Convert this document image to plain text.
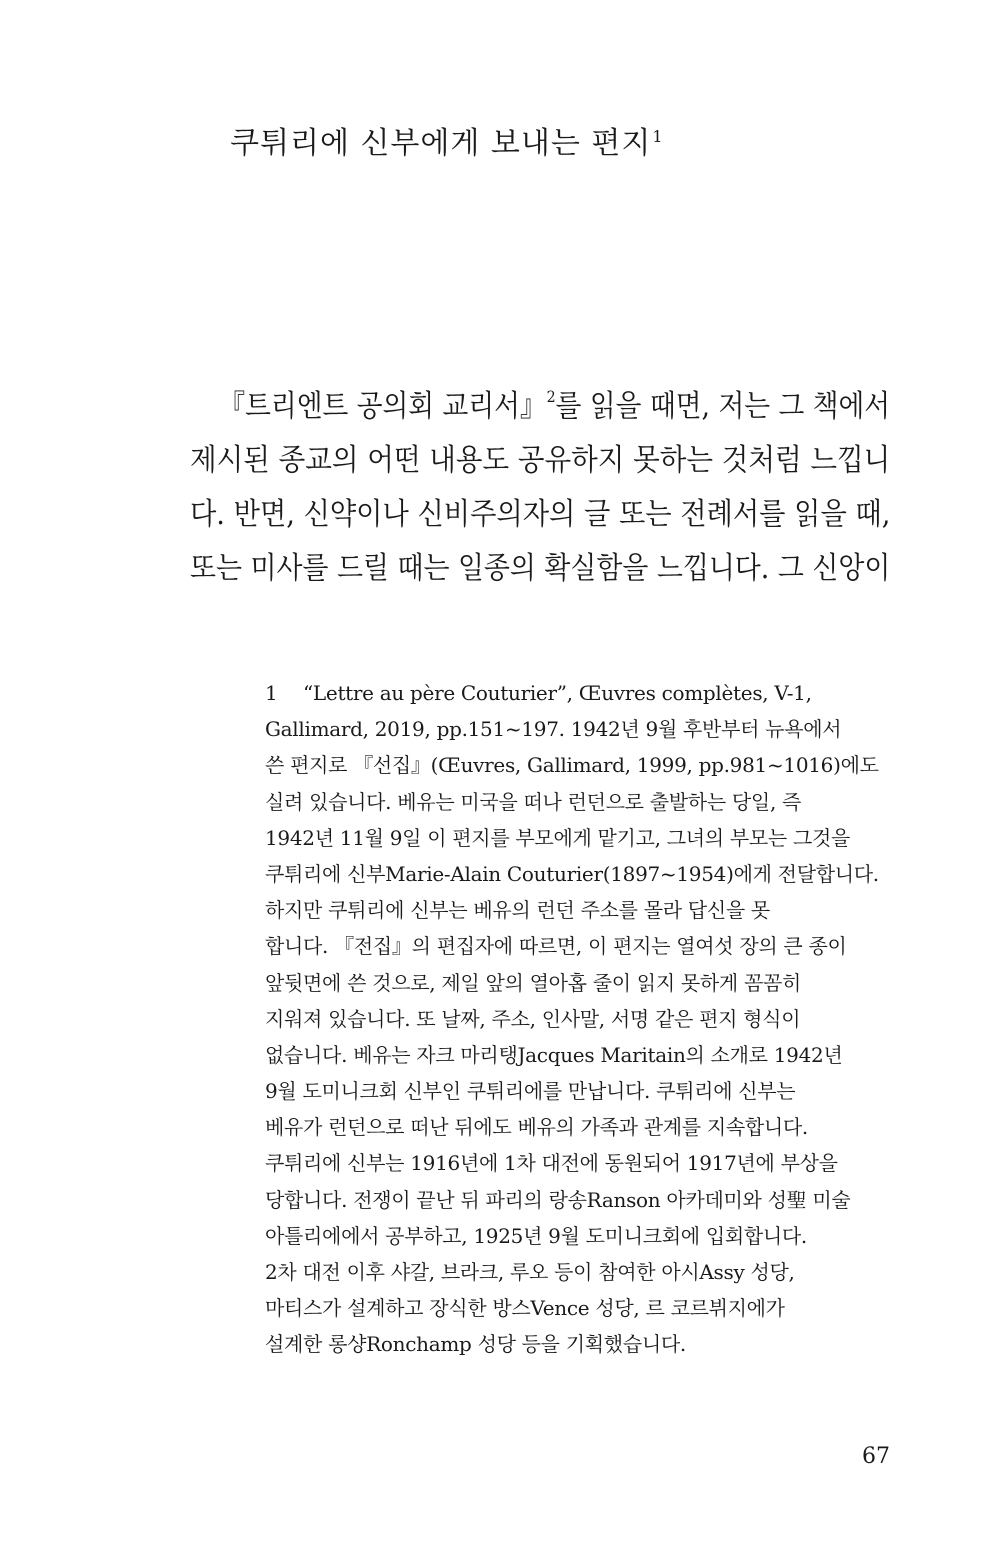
쿠튀리에 신부에게 보내는 편지$^1$
『트리엔트 공의회 교리서』$^2$를 읽을 때면, 저는 그 책에서
제시된 종교의 어떤 내용도 공유하지 못하는 것처럼 느낍니
다. 반면, 신약이나 신비주의자의 글 또는 전례서를 읽을 때,
또는 미사를 드릴 때는 일종의 확실함을 느낍니다. 그 신앙이
1 “Lettre au père Couturier”, Œuvres complètes, V-1,
Gallimard, 2019, pp.151~197. 1942년 9월 후반부터 뉴욕에서
쓴 편지로 『선집』(Œuvres, Gallimard, 1999, pp.981~1016)에도
실려 있습니다. 베유는 미국을 떠나 런던으로 출발하는 당일, 즉
1942년 11월 9일 이 편지를 부모에게 맡기고, 그녀의 부모는 그것을
쿠튀리에 신부Marie-Alain Couturier(1897~1954)에게 전달합니다.
하지만 쿠튀리에 신부는 베유의 런던 주소를 몰라 답신을 못
합니다. 『전집』의 편집자에 따르면, 이 편지는 열여섯 장의 큰 종이
앞뒷면에 쓴 것으로, 제일 앞의 열아홉 줄이 읽지 못하게 꼼꼼히
지워져 있습니다. 또 날짜, 주소, 인사말, 서명 같은 편지 형식이
없습니다. 베유는 자크 마리탱Jacques Maritain의 소개로 1942년
9월 도미니크회 신부인 쿠튀리에를 만납니다. 쿠튀리에 신부는
베유가 런던으로 떠난 뒤에도 베유의 가족과 관계를 지속합니다.
쿠튀리에 신부는 1916년에 1차 대전에 동원되어 1917년에 부상을
당합니다. 전쟁이 끝난 뒤 파리의 랑송Ranson 아카데미와 성聖 미술
아틀리에에서 공부하고, 1925년 9월 도미니크회에 입회합니다.
2차 대전 이후 샤갈, 브라크, 루오 등이 참여한 아시Assy 성당,
마티스가 설계하고 장식한 방스Vence 성당, 르 코르뷔지에가
설계한 롱샹Ronchamp 성당 등을 기획했습니다.
67
